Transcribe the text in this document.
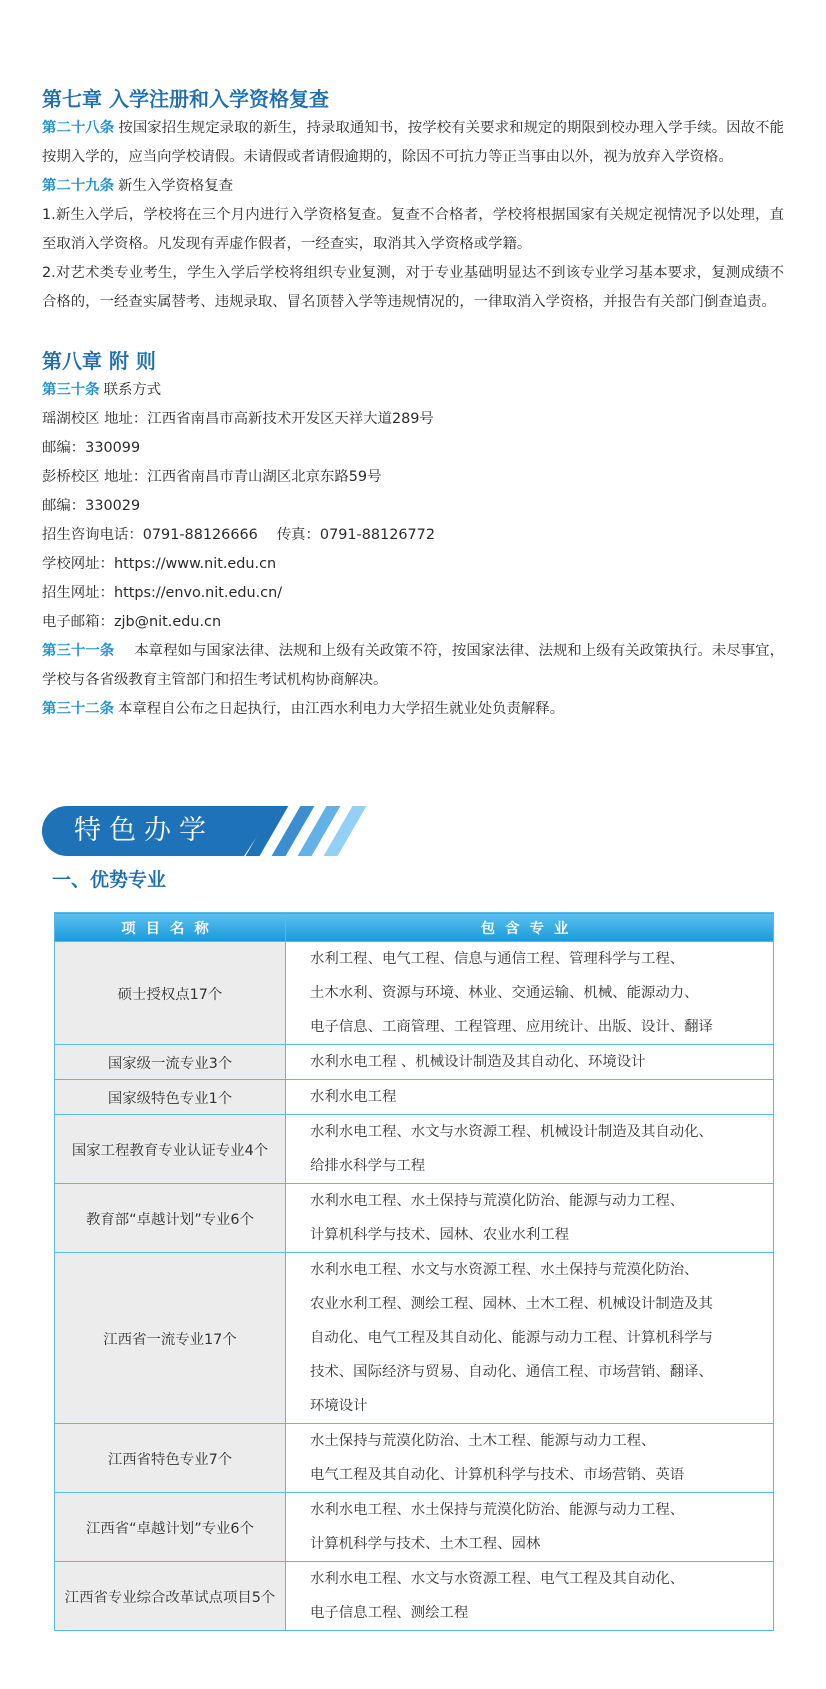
第七章 入学注册和入学资格复查

第二十八条 按国家招生规定录取的新生，持录取通知书，按学校有关要求和规定的期限到校办理入学手续。因故不能按期入学的，应当向学校请假。未请假或者请假逾期的，除因不可抗力等正当事由以外，视为放弃入学资格。

第二十九条 新生入学资格复查

1.新生入学后，学校将在三个月内进行入学资格复查。复查不合格者，学校将根据国家有关规定视情况予以处理，直至取消入学资格。凡发现有弄虚作假者，一经查实，取消其入学资格或学籍。

2.对艺术类专业考生，学生入学后学校将组织专业复测，对于专业基础明显达不到该专业学习基本要求，复测成绩不合格的，一经查实属替考、违规录取、冒名顶替入学等违规情况的，一律取消入学资格，并报告有关部门倒查追责。

第八章 附 则

第三十条 联系方式

瑶湖校区 地址：江西省南昌市高新技术开发区天祥大道289号

邮编：330099

彭桥校区 地址：江西省南昌市青山湖区北京东路59号

邮编：330029

招生咨询电话：0791-88126666　 传真：0791-88126772

学校网址：https://www.nit.edu.cn

招生网址：https://envo.nit.edu.cn/

电子邮箱：zjb@nit.edu.cn

第三十一条 本章程如与国家法律、法规和上级有关政策不符，按国家法律、法规和上级有关政策执行。未尽事宜，学校与各省级教育主管部门和招生考试机构协商解决。

第三十二条 本章程自公布之日起执行，由江西水利电力大学招生就业处负责解释。

特色办学
一、优势专业
项目名称	包含专业
硕士授权点17个	水利工程、电气工程、信息与通信工程、管理科学与工程、
土木水利、资源与环境、林业、交通运输、机械、能源动力、
电子信息、工商管理、工程管理、应用统计、出版、设计、翻译

国家级一流专业3个	水利水电工程 、机械设计制造及其自动化、环境设计

国家级特色专业1个	水利水电工程

国家工程教育专业认证专业4个	水利水电工程、水文与水资源工程、机械设计制造及其自动化、
给排水科学与工程

教育部“卓越计划”专业6个	水利水电工程、水土保持与荒漠化防治、能源与动力工程、
计算机科学与技术、园林、农业水利工程

江西省一流专业17个	水利水电工程、水文与水资源工程、水土保持与荒漠化防治、
农业水利工程、测绘工程、园林、土木工程、机械设计制造及其
自动化、电气工程及其自动化、能源与动力工程、计算机科学与
技术、国际经济与贸易、自动化、通信工程、市场营销、翻译、
环境设计

江西省特色专业7个	水土保持与荒漠化防治、土木工程、能源与动力工程、
电气工程及其自动化、计算机科学与技术、市场营销、英语

江西省“卓越计划”专业6个	水利水电工程、水土保持与荒漠化防治、能源与动力工程、
计算机科学与技术、土木工程、园林

江西省专业综合改革试点项目5个	水利水电工程、水文与水资源工程、电气工程及其自动化、
电子信息工程、测绘工程
